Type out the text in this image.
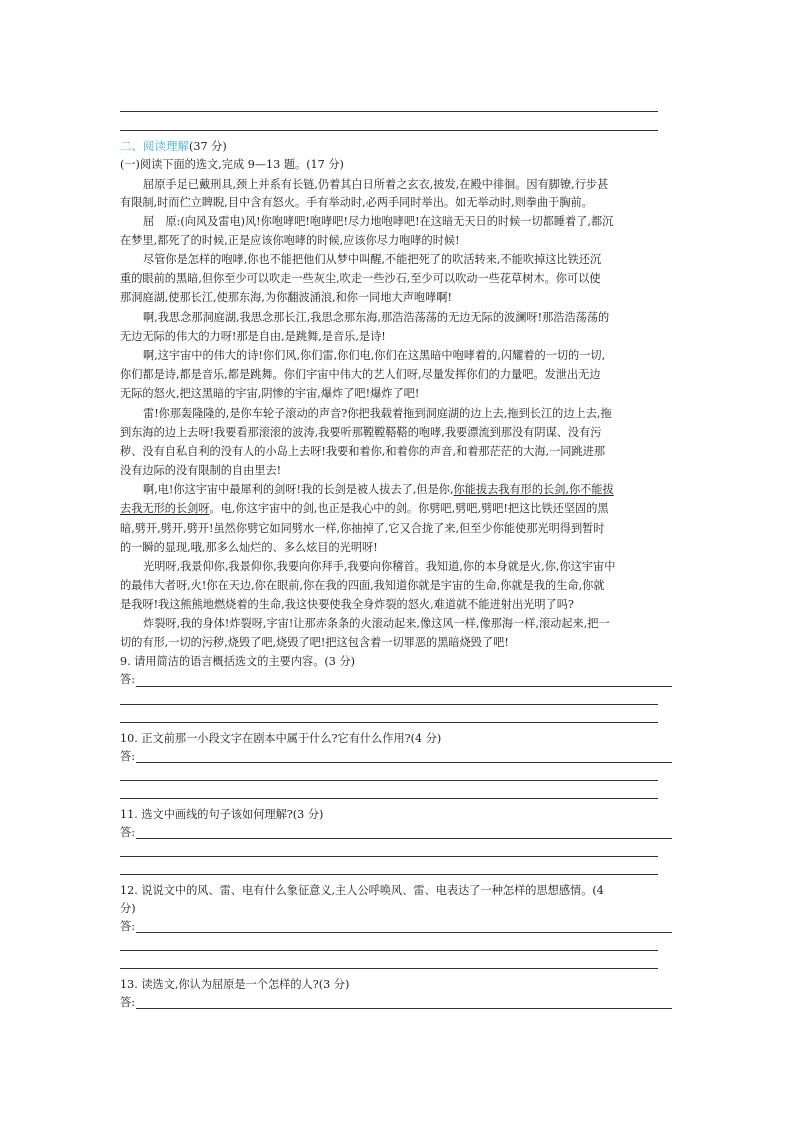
二、阅读理解(37 分)
(一)阅读下面的选文,完成 9—13 题。(17 分)
屈原手足已戴刑具,颈上并系有长链,仍着其白日所着之玄衣,披发,在殿中徘徊。因有脚镣,行步甚
有限制,时而伫立睥睨,目中含有怒火。手有举动时,必两手同时举出。如无举动时,则拳曲于胸前。
屈　原:(向风及雷电)风!你咆哮吧!咆哮吧!尽力地咆哮吧!在这暗无天日的时候一切都睡着了,都沉
在梦里,都死了的时候,正是应该你咆哮的时候,应该你尽力咆哮的时候!
尽管你是怎样的咆哮,你也不能把他们从梦中叫醒,不能把死了的吹活转来,不能吹掉这比铁还沉
重的眼前的黑暗,但你至少可以吹走一些灰尘,吹走一些沙石,至少可以吹动一些花草树木。你可以使
那洞庭湖,使那长江,使那东海,为你翻波涌浪,和你一同地大声咆哮啊!
啊,我思念那洞庭湖,我思念那长江,我思念那东海,那浩浩荡荡的无边无际的波澜呀!那浩浩荡荡的
无边无际的伟大的力呀!那是自由,是跳舞,是音乐,是诗!
啊,这宇宙中的伟大的诗!你们风,你们雷,你们电,你们在这黑暗中咆哮着的,闪耀着的一切的一切,
你们都是诗,都是音乐,都是跳舞。你们宇宙中伟大的艺人们呀,尽量发挥你们的力量吧。发泄出无边
无际的怒火,把这黑暗的宇宙,阴惨的宇宙,爆炸了吧!爆炸了吧!
雷!你那轰隆隆的,是你车轮子滚动的声音?你把我载着拖到洞庭湖的边上去,拖到长江的边上去,拖
到东海的边上去呀!我要看那滚滚的波涛,我要听那鞺鞺鞳鞳的咆哮,我要漂流到那没有阴谋、没有污
秽、没有自私自利的没有人的小岛上去呀!我要和着你,和着你的声音,和着那茫茫的大海,一同跳进那
没有边际的没有限制的自由里去!
啊,电!你这宇宙中最犀利的剑呀!我的长剑是被人拔去了,但是你,你能拔去我有形的长剑,你不能拔
去我无形的长剑呀。电,你这宇宙中的剑,也正是我心中的剑。你劈吧,劈吧,劈吧!把这比铁还坚固的黑
暗,劈开,劈开,劈开!虽然你劈它如同劈水一样,你抽掉了,它又合拢了来,但至少你能使那光明得到暂时
的一瞬的显现,哦,那多么灿烂的、多么炫目的光明呀!
光明呀,我景仰你,我景仰你,我要向你拜手,我要向你稽首。我知道,你的本身就是火,你,你这宇宙中
的最伟大者呀,火!你在天边,你在眼前,你在我的四面,我知道你就是宇宙的生命,你就是我的生命,你就
是我呀!我这熊熊地燃烧着的生命,我这快要使我全身炸裂的怒火,难道就不能迸射出光明了吗?
炸裂呀,我的身体!炸裂呀,宇宙!让那赤条条的火滚动起来,像这风一样,像那海一样,滚动起来,把一
切的有形,一切的污秽,烧毁了吧,烧毁了吧!把这包含着一切罪恶的黑暗烧毁了吧!
9. 请用简洁的语言概括选文的主要内容。(3 分)
答:
10. 正文前那一小段文字在剧本中属于什么?它有什么作用?(4 分)
答:
11. 选文中画线的句子该如何理解?(3 分)
答:
12. 说说文中的风、雷、电有什么象征意义,主人公呼唤风、雷、电表达了一种怎样的思想感情。(4
分)
答:
13. 读选文,你认为屈原是一个怎样的人?(3 分)
答:
